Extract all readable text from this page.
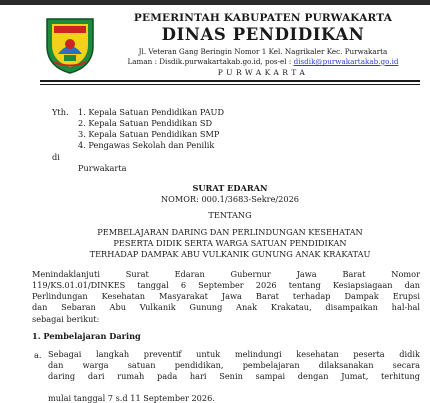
PEMERINTAH KABUPATEN PURWAKARTA
DINAS PENDIDIKAN
Jl. Veteran Gang Beringin Nomor 1 Kel. Nagrikaler Kec. Purwakarta
Laman : Disdik.purwakartakab.go.id, pos-el : disdik@purwakartakab.go.id
PURWAKARTA
Yth. 1. Kepala Satuan Pendidikan PAUD
2. Kepala Satuan Pendidikan SD
3. Kepala Satuan Pendidikan SMP
4. Pengawas Sekolah dan Penilik
di
Purwakarta
SURAT EDARAN
NOMOR: 000.1/3683-Sekre/2026
TENTANG
PEMBELAJARAN DARING DAN PERLINDUNGAN KESEHATAN
PESERTA DIDIK SERTA WARGA SATUAN PENDIDIKAN
TERHADAP DAMPAK ABU VULKANIK GUNUNG ANAK KRAKATAU
Menindaklanjuti Surat Edaran Gubernur Jawa Barat Nomor
119/KS.01.01/DINKES tanggal 6 September 2026 tentang Kesiapsiagaan dan
Perlindungan Kesehatan Masyarakat Jawa Barat terhadap Dampak Erupsi
dan Sebaran Abu Vulkanik Gunung Anak Krakatau, disampaikan hal-hal
sebagai berikut:
1. Pembelajaran Daring
a. Sebagai langkah preventif untuk melindungi kesehatan peserta didik
dan warga satuan pendidikan, pembelajaran dilaksanakan secara
daring dari rumah pada hari Senin sampai dengan Jumat, terhitung
mulai tanggal 7 s.d 11 September 2026.
